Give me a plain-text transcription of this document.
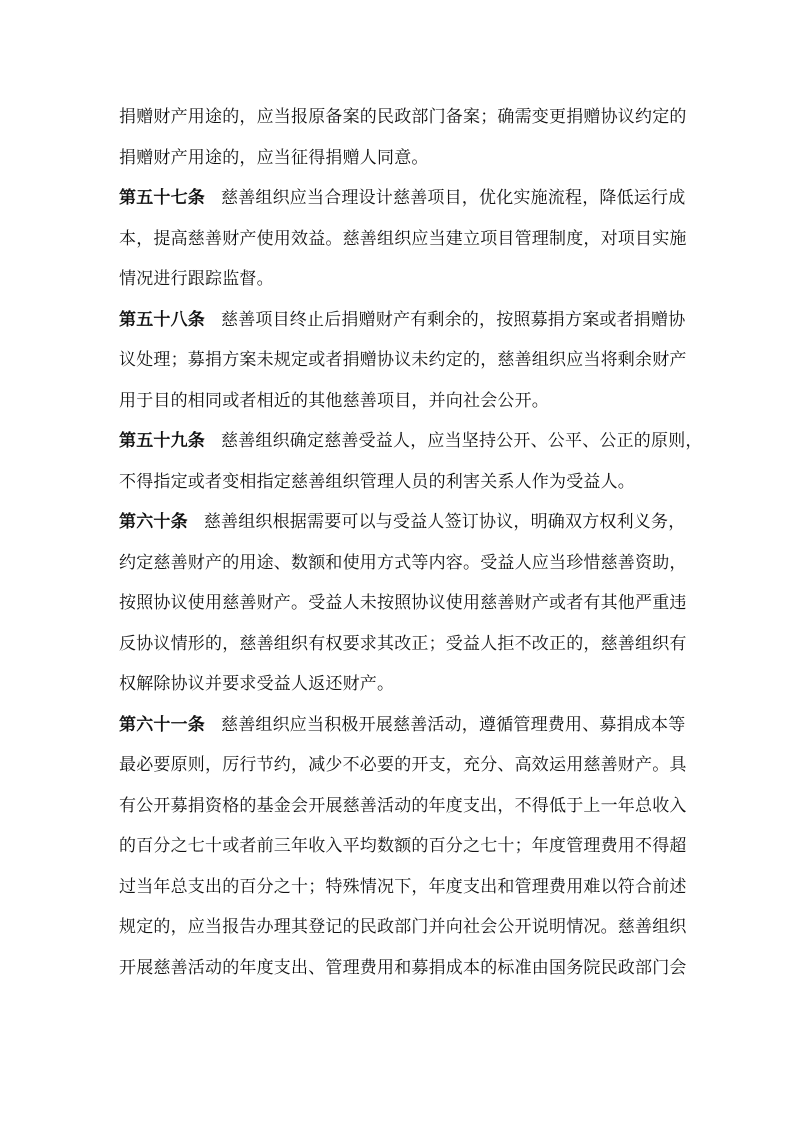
捐赠财产用途的，应当报原备案的民政部门备案；确需变更捐赠协议约定的
捐赠财产用途的，应当征得捐赠人同意。
第五十七条 慈善组织应当合理设计慈善项目，优化实施流程，降低运行成
本，提高慈善财产使用效益。慈善组织应当建立项目管理制度，对项目实施
情况进行跟踪监督。
第五十八条 慈善项目终止后捐赠财产有剩余的，按照募捐方案或者捐赠协
议处理；募捐方案未规定或者捐赠协议未约定的，慈善组织应当将剩余财产
用于目的相同或者相近的其他慈善项目，并向社会公开。
第五十九条 慈善组织确定慈善受益人，应当坚持公开、公平、公正的原则，
不得指定或者变相指定慈善组织管理人员的利害关系人作为受益人。
第六十条 慈善组织根据需要可以与受益人签订协议，明确双方权利义务，
约定慈善财产的用途、数额和使用方式等内容。受益人应当珍惜慈善资助，
按照协议使用慈善财产。受益人未按照协议使用慈善财产或者有其他严重违
反协议情形的，慈善组织有权要求其改正；受益人拒不改正的，慈善组织有
权解除协议并要求受益人返还财产。
第六十一条 慈善组织应当积极开展慈善活动，遵循管理费用、募捐成本等
最必要原则，厉行节约，减少不必要的开支，充分、高效运用慈善财产。具
有公开募捐资格的基金会开展慈善活动的年度支出，不得低于上一年总收入
的百分之七十或者前三年收入平均数额的百分之七十；年度管理费用不得超
过当年总支出的百分之十；特殊情况下，年度支出和管理费用难以符合前述
规定的，应当报告办理其登记的民政部门并向社会公开说明情况。慈善组织
开展慈善活动的年度支出、管理费用和募捐成本的标准由国务院民政部门会
